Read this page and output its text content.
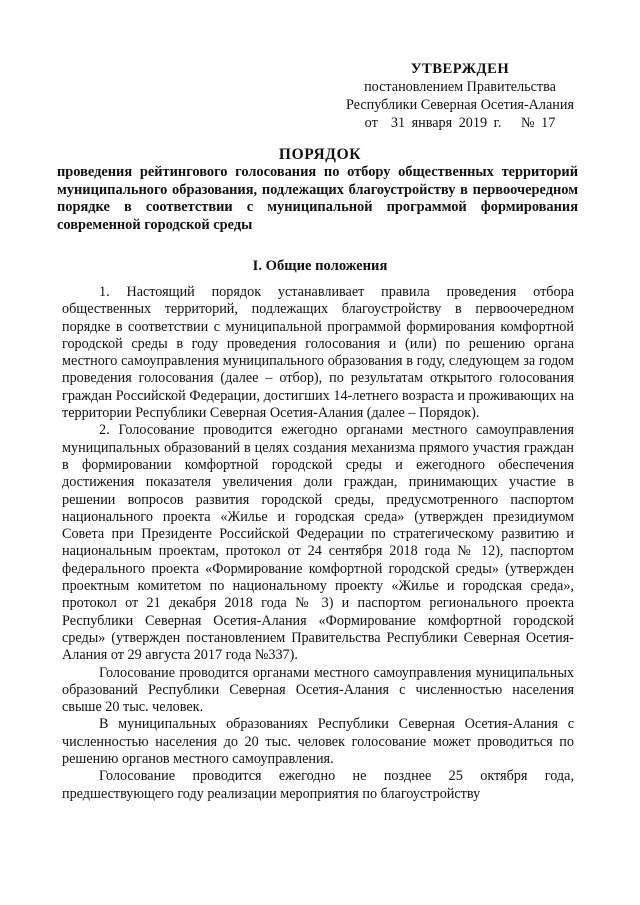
УТВЕРЖДЕН
постановлением Правительства
Республики Северная Осетия-Алания
от  31 января 2019 г.   № 17
ПОРЯДОК
проведения рейтингового голосования по отбору общественных территорий муниципального образования, подлежащих благоустройству в первоочередном порядке в соответствии с муниципальной программой формирования современной городской среды
I. Общие положения

1. Настоящий порядок устанавливает правила проведения отбора общественных территорий, подлежащих благоустройству в первоочередном порядке в соответствии с муниципальной программой формирования комфортной городской среды в году проведения голосования и (или) по решению органа местного самоуправления муниципального образования в году, следующем за годом проведения голосования (далее – отбор), по результатам открытого голосования граждан Российской Федерации, достигших 14-летнего возраста и проживающих на территории Республики Северная Осетия-Алания (далее – Порядок).

2. Голосование проводится ежегодно органами местного самоуправления муниципальных образований в целях создания механизма прямого участия граждан в формировании комфортной городской среды и ежегодного обеспечения достижения показателя увеличения доли граждан, принимающих участие в решении вопросов развития городской среды, предусмотренного паспортом национального проекта «Жилье и городская среда» (утвержден президиумом Совета при Президенте Российской Федерации по стратегическому развитию и национальным проектам, протокол от 24 сентября 2018 года № 12), паспортом федерального проекта «Формирование комфортной городской среды» (утвержден проектным комитетом по национальному проекту «Жилье и городская среда», протокол от 21 декабря 2018 года № 3) и паспортом регионального проекта Республики Северная Осетия-Алания «Формирование комфортной городской среды» (утвержден постановлением Правительства Республики Северная Осетия-Алания от 29 августа 2017 года №337).

Голосование проводится органами местного самоуправления муниципальных образований Республики Северная Осетия-Алания с численностью населения свыше 20 тыс. человек.

В муниципальных образованиях Республики Северная Осетия-Алания с численностью населения до 20 тыс. человек голосование может проводиться по решению органов местного самоуправления.

Голосование проводится ежегодно не позднее 25 октября года, предшествующего году реализации мероприятия по благоустройству
